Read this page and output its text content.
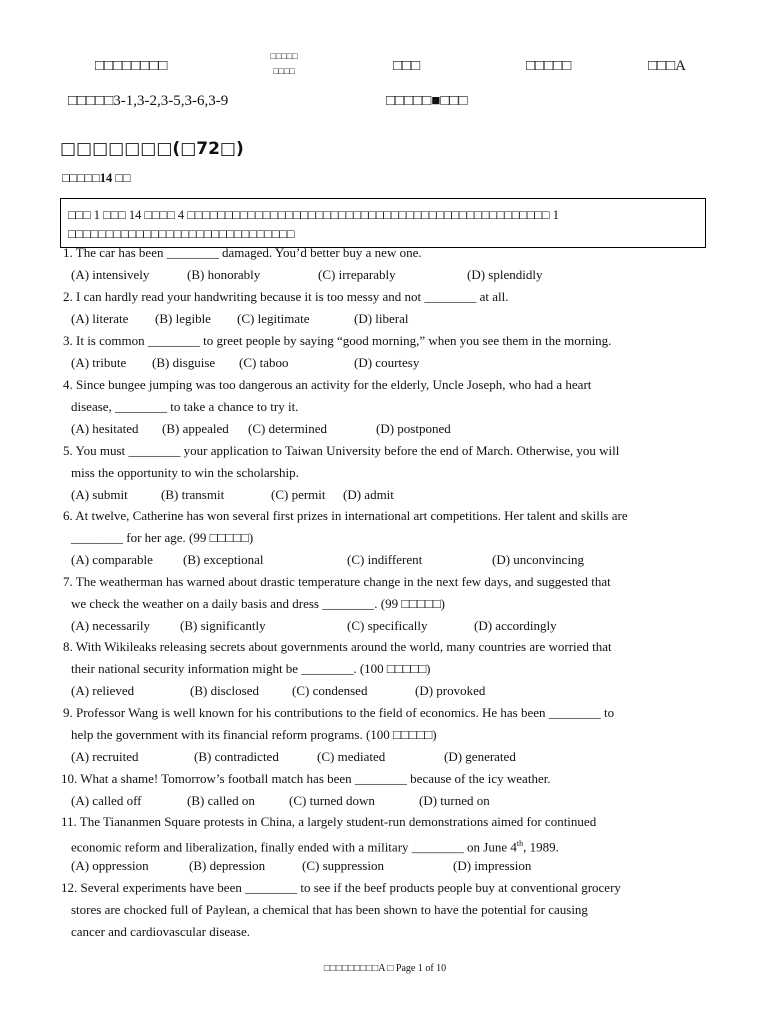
□□□□□□□□
□□□□□
□□□□	□□□	□□□□□	□□□A
□□□□□3-1,3-2,3-5,3-6,3-9	□□□□□■□□□
□□□□□□□(□72□)
□□□□□14 □□
□□□ 1 □□□ 14 □□□□ 4 □□□□□□□□□□□□□□□□□□□□□□□□□□□□□□□□□□□□□□□□□□□□□□□□ 1 □□□□□□□□□□□□□□□□□□□□□□□□□□□□□□
1. The car has been ________ damaged. You’d better buy a new one.
(A) intensively	(B) honorably	(C) irreparably	(D) splendidly
2. I can hardly read your handwriting because it is too messy and not ________ at all.
(A) literate (B) legible (C) legitimate	(D) liberal
3. It is common ________ to greet people by saying “good morning,” when you see them in the morning.
(A) tribute (B) disguise (C) taboo	(D) courtesy
4. Since bungee jumping was too dangerous an activity for the elderly, Uncle Joseph, who had a heart
disease, ________ to take a chance to try it.
(A) hesitated (B) appealed (C) determined	(D) postponed
5. You must ________ your application to Taiwan University before the end of March. Otherwise, you will
miss the opportunity to win the scholarship.
(A) submit	(B) transmit	(C) permit (D) admit
6. At twelve, Catherine has won several first prizes in international art competitions. Her talent and skills are
________ for her age. (99 □□□□□)
(A) comparable (B) exceptional	(C) indifferent	(D) unconvincing
7. The weatherman has warned about drastic temperature change in the next few days, and suggested that
we check the weather on a daily basis and dress ________. (99 □□□□□)
(A) necessarily (B) significantly	(C) specifically	(D) accordingly
8. With Wikileaks releasing secrets about governments around the world, many countries are worried that
their national security information might be ________. (100 □□□□□)
(A) relieved	(B) disclosed	(C) condensed	(D) provoked
9. Professor Wang is well known for his contributions to the field of economics. He has been ________ to
help the government with its financial reform programs. (100 □□□□□)
(A) recruited	(B) contradicted	(C) mediated	(D) generated
10. What a shame! Tomorrow’s football match has been ________ because of the icy weather.
(A) called off	(B) called on	(C) turned down	(D) turned on
11. The Tiananmen Square protests in China, a largely student-run demonstrations aimed for continued
economic reform and liberalization, finally ended with a military ________ on June 4th, 1989.
(A) oppression	(B) depression	(C) suppression	(D) impression
12. Several experiments have been ________ to see if the beef products people buy at conventional grocery
stores are chocked full of Paylean, a chemical that has been shown to have the potential for causing
cancer and cardiovascular disease.
□□□□□□□□□A □ Page 1 of 10
